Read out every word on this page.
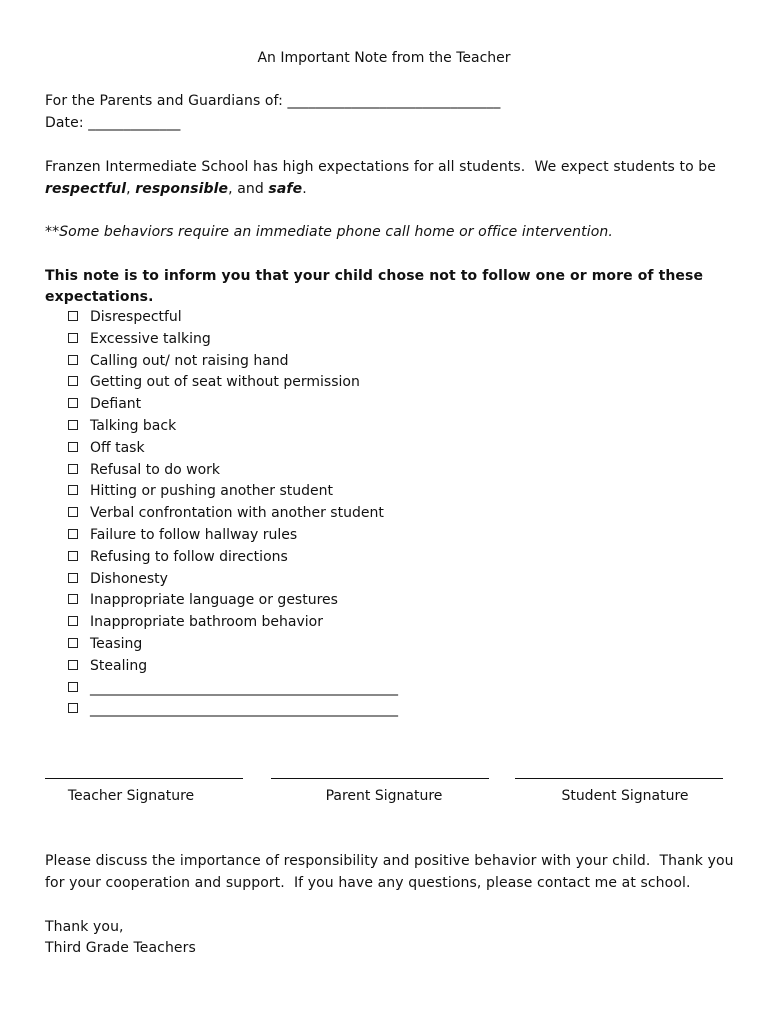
An Important Note from the Teacher
For the Parents and Guardians of: ______________________________
Date: _____________
Franzen Intermediate School has high expectations for all students.  We expect students to be
respectful, responsible, and safe.
**Some behaviors require an immediate phone call home or office intervention.
This note is to inform you that your child chose not to follow one or more of these
expectations.
Disrespectful
Excessive talking
Calling out/ not raising hand
Getting out of seat without permission
Defiant
Talking back
Off task
Refusal to do work
Hitting or pushing another student
Verbal confrontation with another student
Failure to follow hallway rules
Refusing to follow directions
Dishonesty
Inappropriate language or gestures
Inappropriate bathroom behavior
Teasing
Stealing
____________________________________________
____________________________________________
Teacher Signature	Parent Signature	Student Signature
Please discuss the importance of responsibility and positive behavior with your child.  Thank you
for your cooperation and support.  If you have any questions, please contact me at school.
Thank you,
Third Grade Teachers
